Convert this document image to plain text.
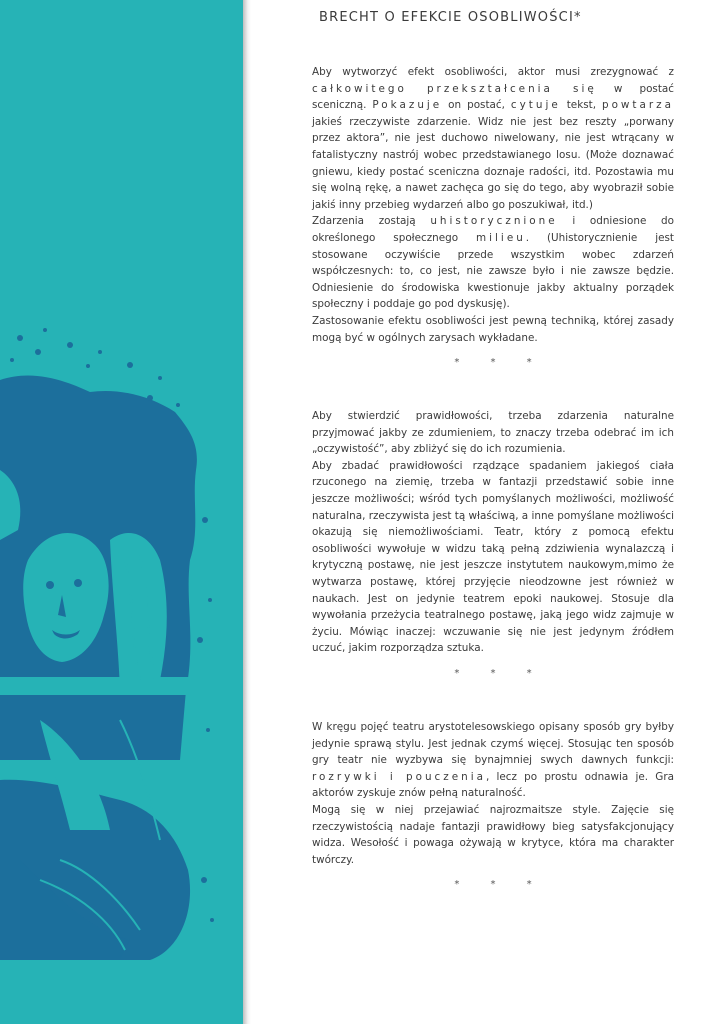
BRECHT O EFEKCIE OSOBLIWOŚCI*

Aby wytworzyć efekt osobliwości, aktor musi zrezygnować z całkowitego przekształcenia się w postać sceniczną. Pokazuje on postać, cytuje tekst, powtarza jakieś rzeczywiste zdarzenie. Widz nie jest bez reszty „porwany przez aktora”, nie jest duchowo niwelowany, nie jest wtrącany w fatalistyczny nastrój wobec przedstawianego losu. (Może doznawać gniewu, kiedy postać sceniczna doznaje radości, itd. Pozostawia mu się wolną rękę, a nawet zachęca go się do tego, aby wyobraził sobie jakiś inny przebieg wydarzeń albo go poszukiwał, itd.)

Zdarzenia zostają uhistorycznione i odniesione do określonego społecznego milieu. (Uhistorycznienie jest stosowane oczywiście przede wszystkim wobec zdarzeń współczesnych: to, co jest, nie zawsze było i nie zawsze będzie. Odniesienie do środowiska kwestionuje jakby aktualny porządek społeczny i poddaje go pod dyskusję).

Zastosowanie efektu osobliwości jest pewną techniką, której zasady mogą być w ogólnych zarysach wykładane.

* * *

Aby stwierdzić prawidłowości, trzeba zdarzenia naturalne przyjmować jakby ze zdumieniem, to znaczy trzeba odebrać im ich „oczywistość”, aby zbliżyć się do ich rozumienia.

Aby zbadać prawidłowości rządzące spadaniem jakiegoś ciała rzuconego na ziemię, trzeba w fantazji przedstawić sobie inne jeszcze możliwości; wśród tych pomyślanych możliwości, możliwość naturalna, rzeczywista jest tą właściwą, a inne pomyślane możliwości okazują się niemożliwościami. Teatr, który z pomocą efektu osobliwości wywołuje w widzu taką pełną zdziwienia wynalazczą i krytyczną postawę, nie jest jeszcze instytutem naukowym,mimo że wytwarza postawę, której przyjęcie nieodzowne jest również w naukach. Jest on jedynie teatrem epoki naukowej. Stosuje dla wywołania przeżycia teatralnego postawę, jaką jego widz zajmuje w życiu. Mówiąc inaczej: wczuwanie się nie jest jedynym źródłem uczuć, jakim rozporządza sztuka.

* * *

W kręgu pojęć teatru arystotelesowskiego opisany sposób gry byłby jedynie sprawą stylu. Jest jednak czymś więcej. Stosując ten sposób gry teatr nie wyzbywa się bynajmniej swych dawnych funkcji: rozrywki i pouczenia, lecz po prostu odnawia je. Gra aktorów zyskuje znów pełną naturalność.

Mogą się w niej przejawiać najrozmaitsze style. Zajęcie się rzeczywistością nadaje fantazji prawidłowy bieg satysfakcjonujący widza. Wesołość i powaga ożywają w krytyce, która ma charakter twórczy.

* * *
